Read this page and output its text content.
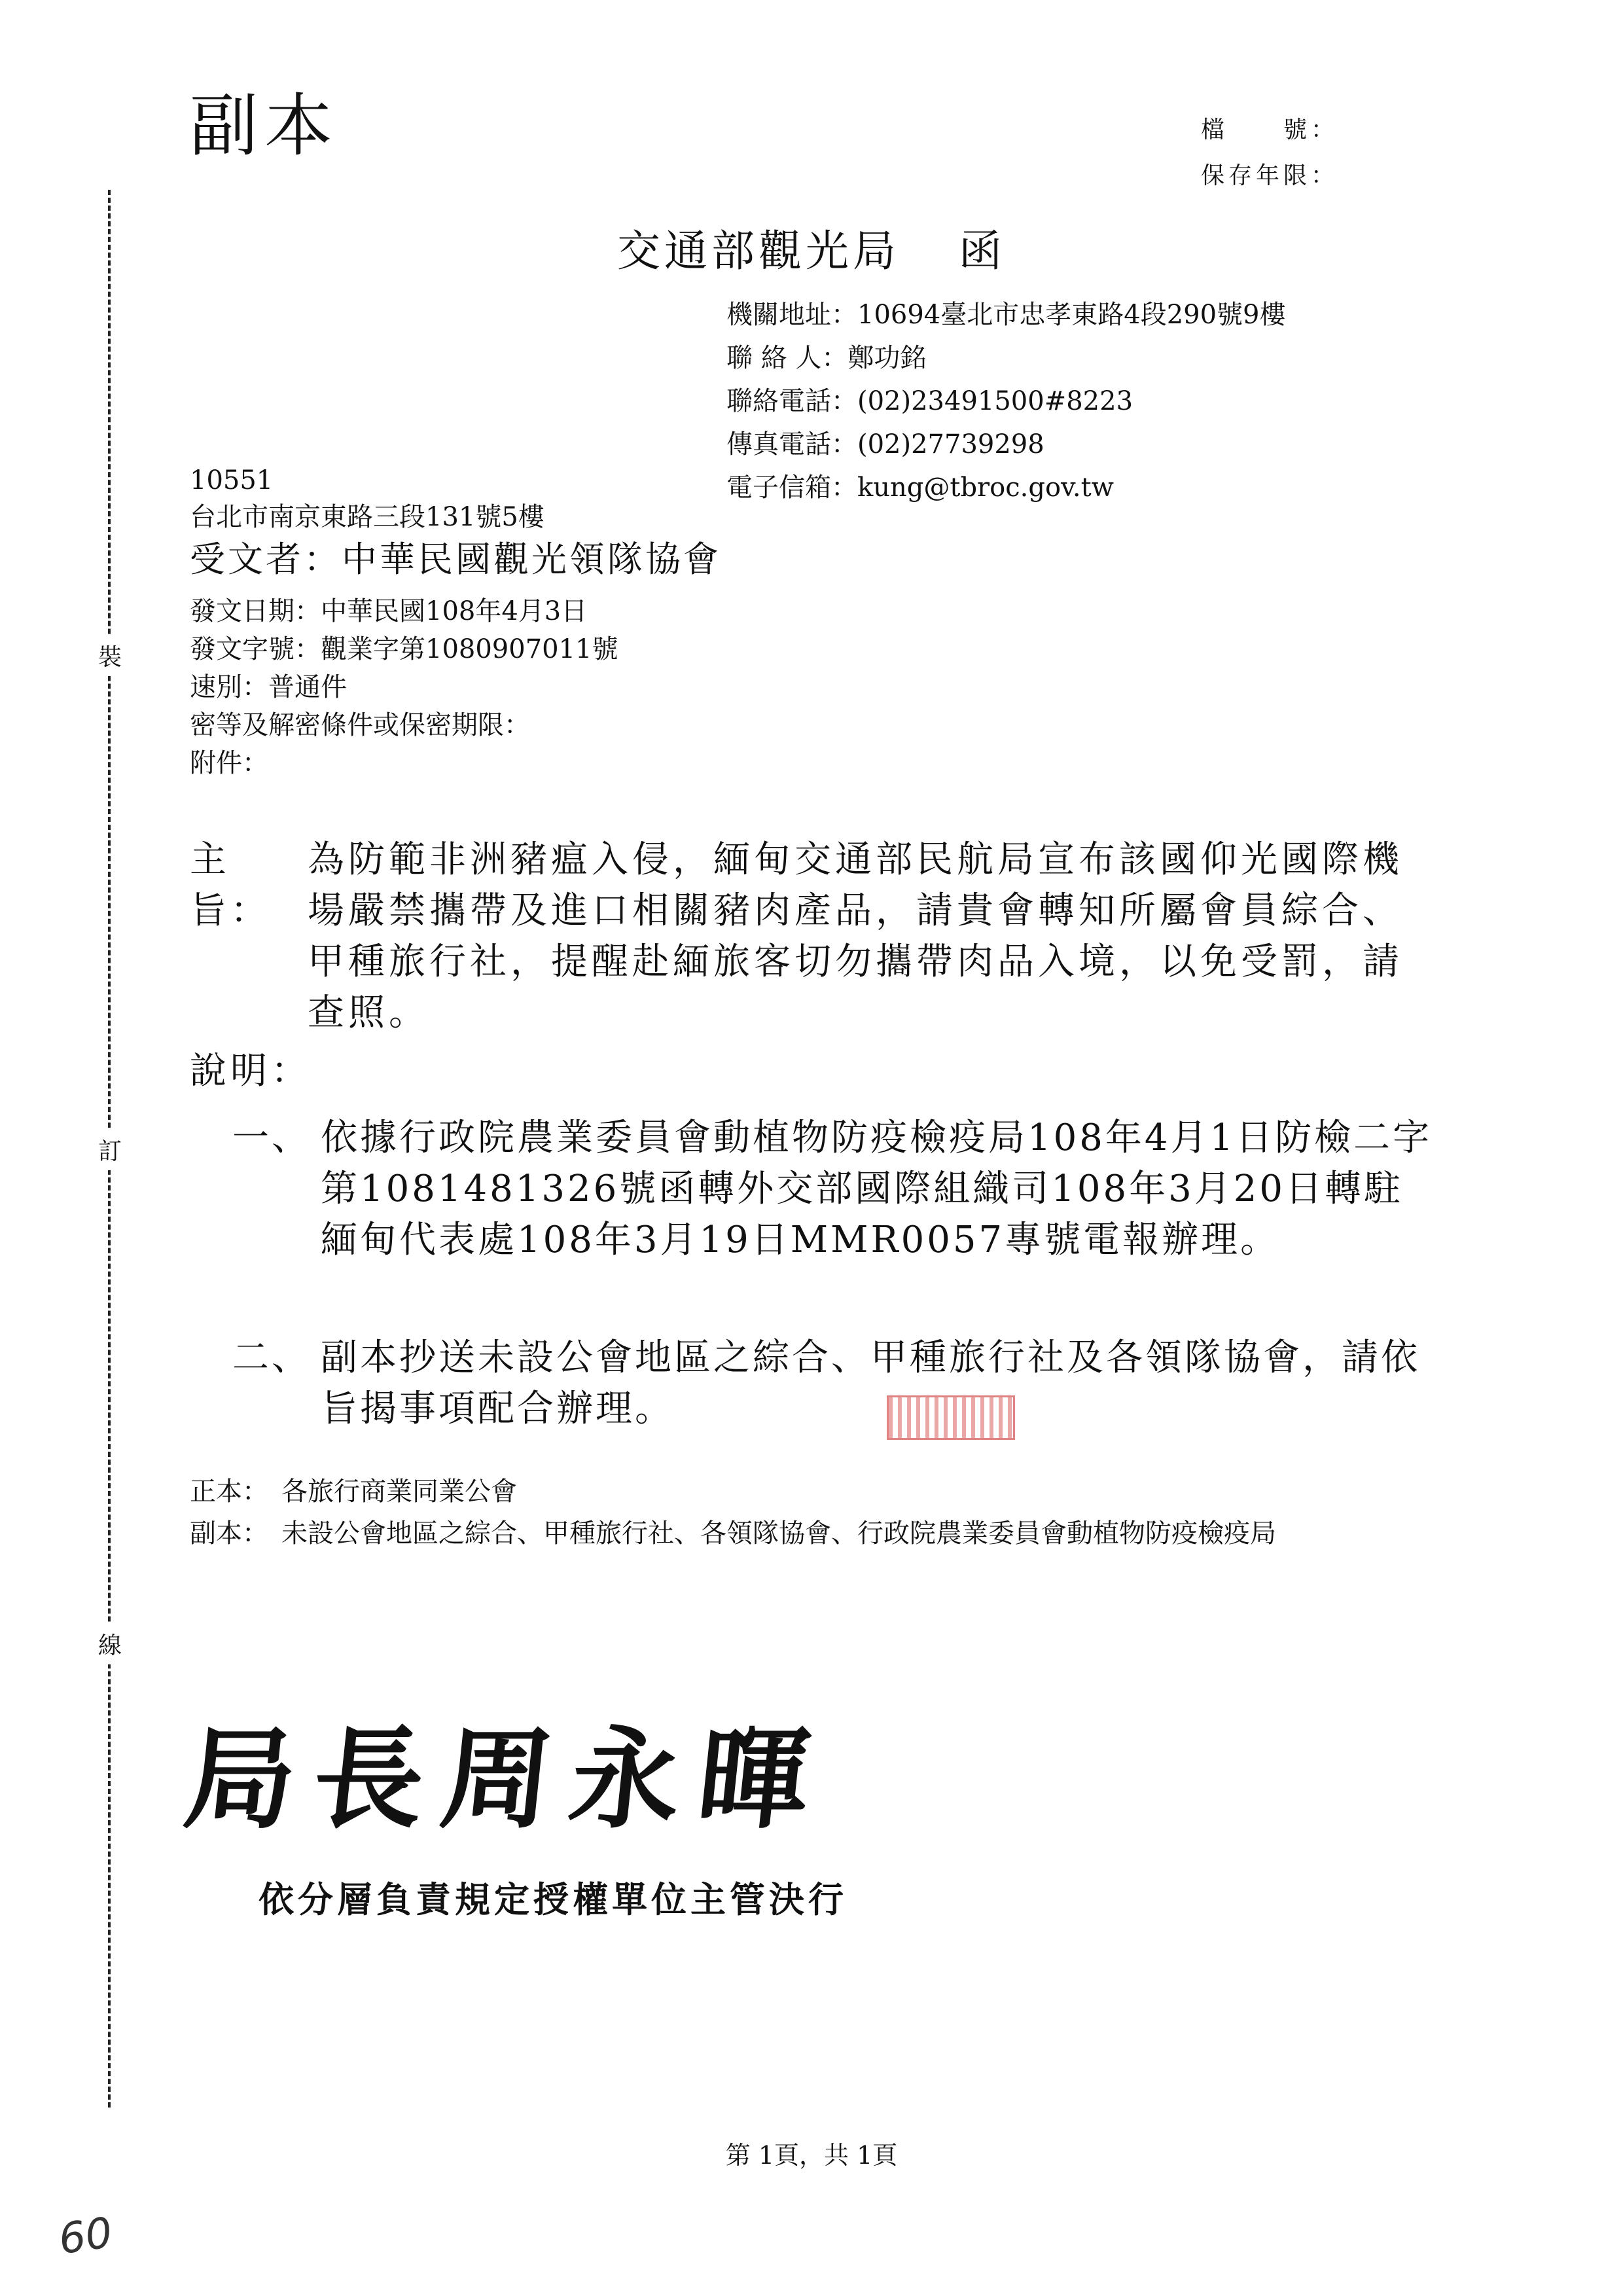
裝
訂
線
副本	檔　　號：
保存年限：
交通部觀光局 函
機關地址：10694臺北市忠孝東路4段290號9樓
聯 絡 人：鄭功銘
聯絡電話：(02)23491500#8223
傳真電話：(02)27739298
電子信箱：kung@tbroc.gov.tw
10551
台北市南京東路三段131號5樓
受文者：中華民國觀光領隊協會
發文日期：中華民國108年4月3日
發文字號：觀業字第1080907011號
速別：普通件
密等及解密條件或保密期限：
附件：
主旨：
為防範非洲豬瘟入侵，緬甸交通部民航局宣布該國仰光國際機場嚴禁攜帶及進口相關豬肉產品，請貴會轉知所屬會員綜合、甲種旅行社，提醒赴緬旅客切勿攜帶肉品入境，以免受罰，請查照。
說明：
一、 依據行政院農業委員會動植物防疫檢疫局108年4月1日防檢二字第1081481326號函轉外交部國際組織司108年3月20日轉駐緬甸代表處108年3月19日MMR0057專號電報辦理。
二、 副本抄送未設公會地區之綜合、甲種旅行社及各領隊協會，請依旨揭事項配合辦理。
正本： 各旅行商業同業公會
副本： 未設公會地區之綜合、甲種旅行社、各領隊協會、行政院農業委員會動植物防疫檢疫局
局長周永暉
依分層負責規定授權單位主管決行
第 1頁，共 1頁
60
